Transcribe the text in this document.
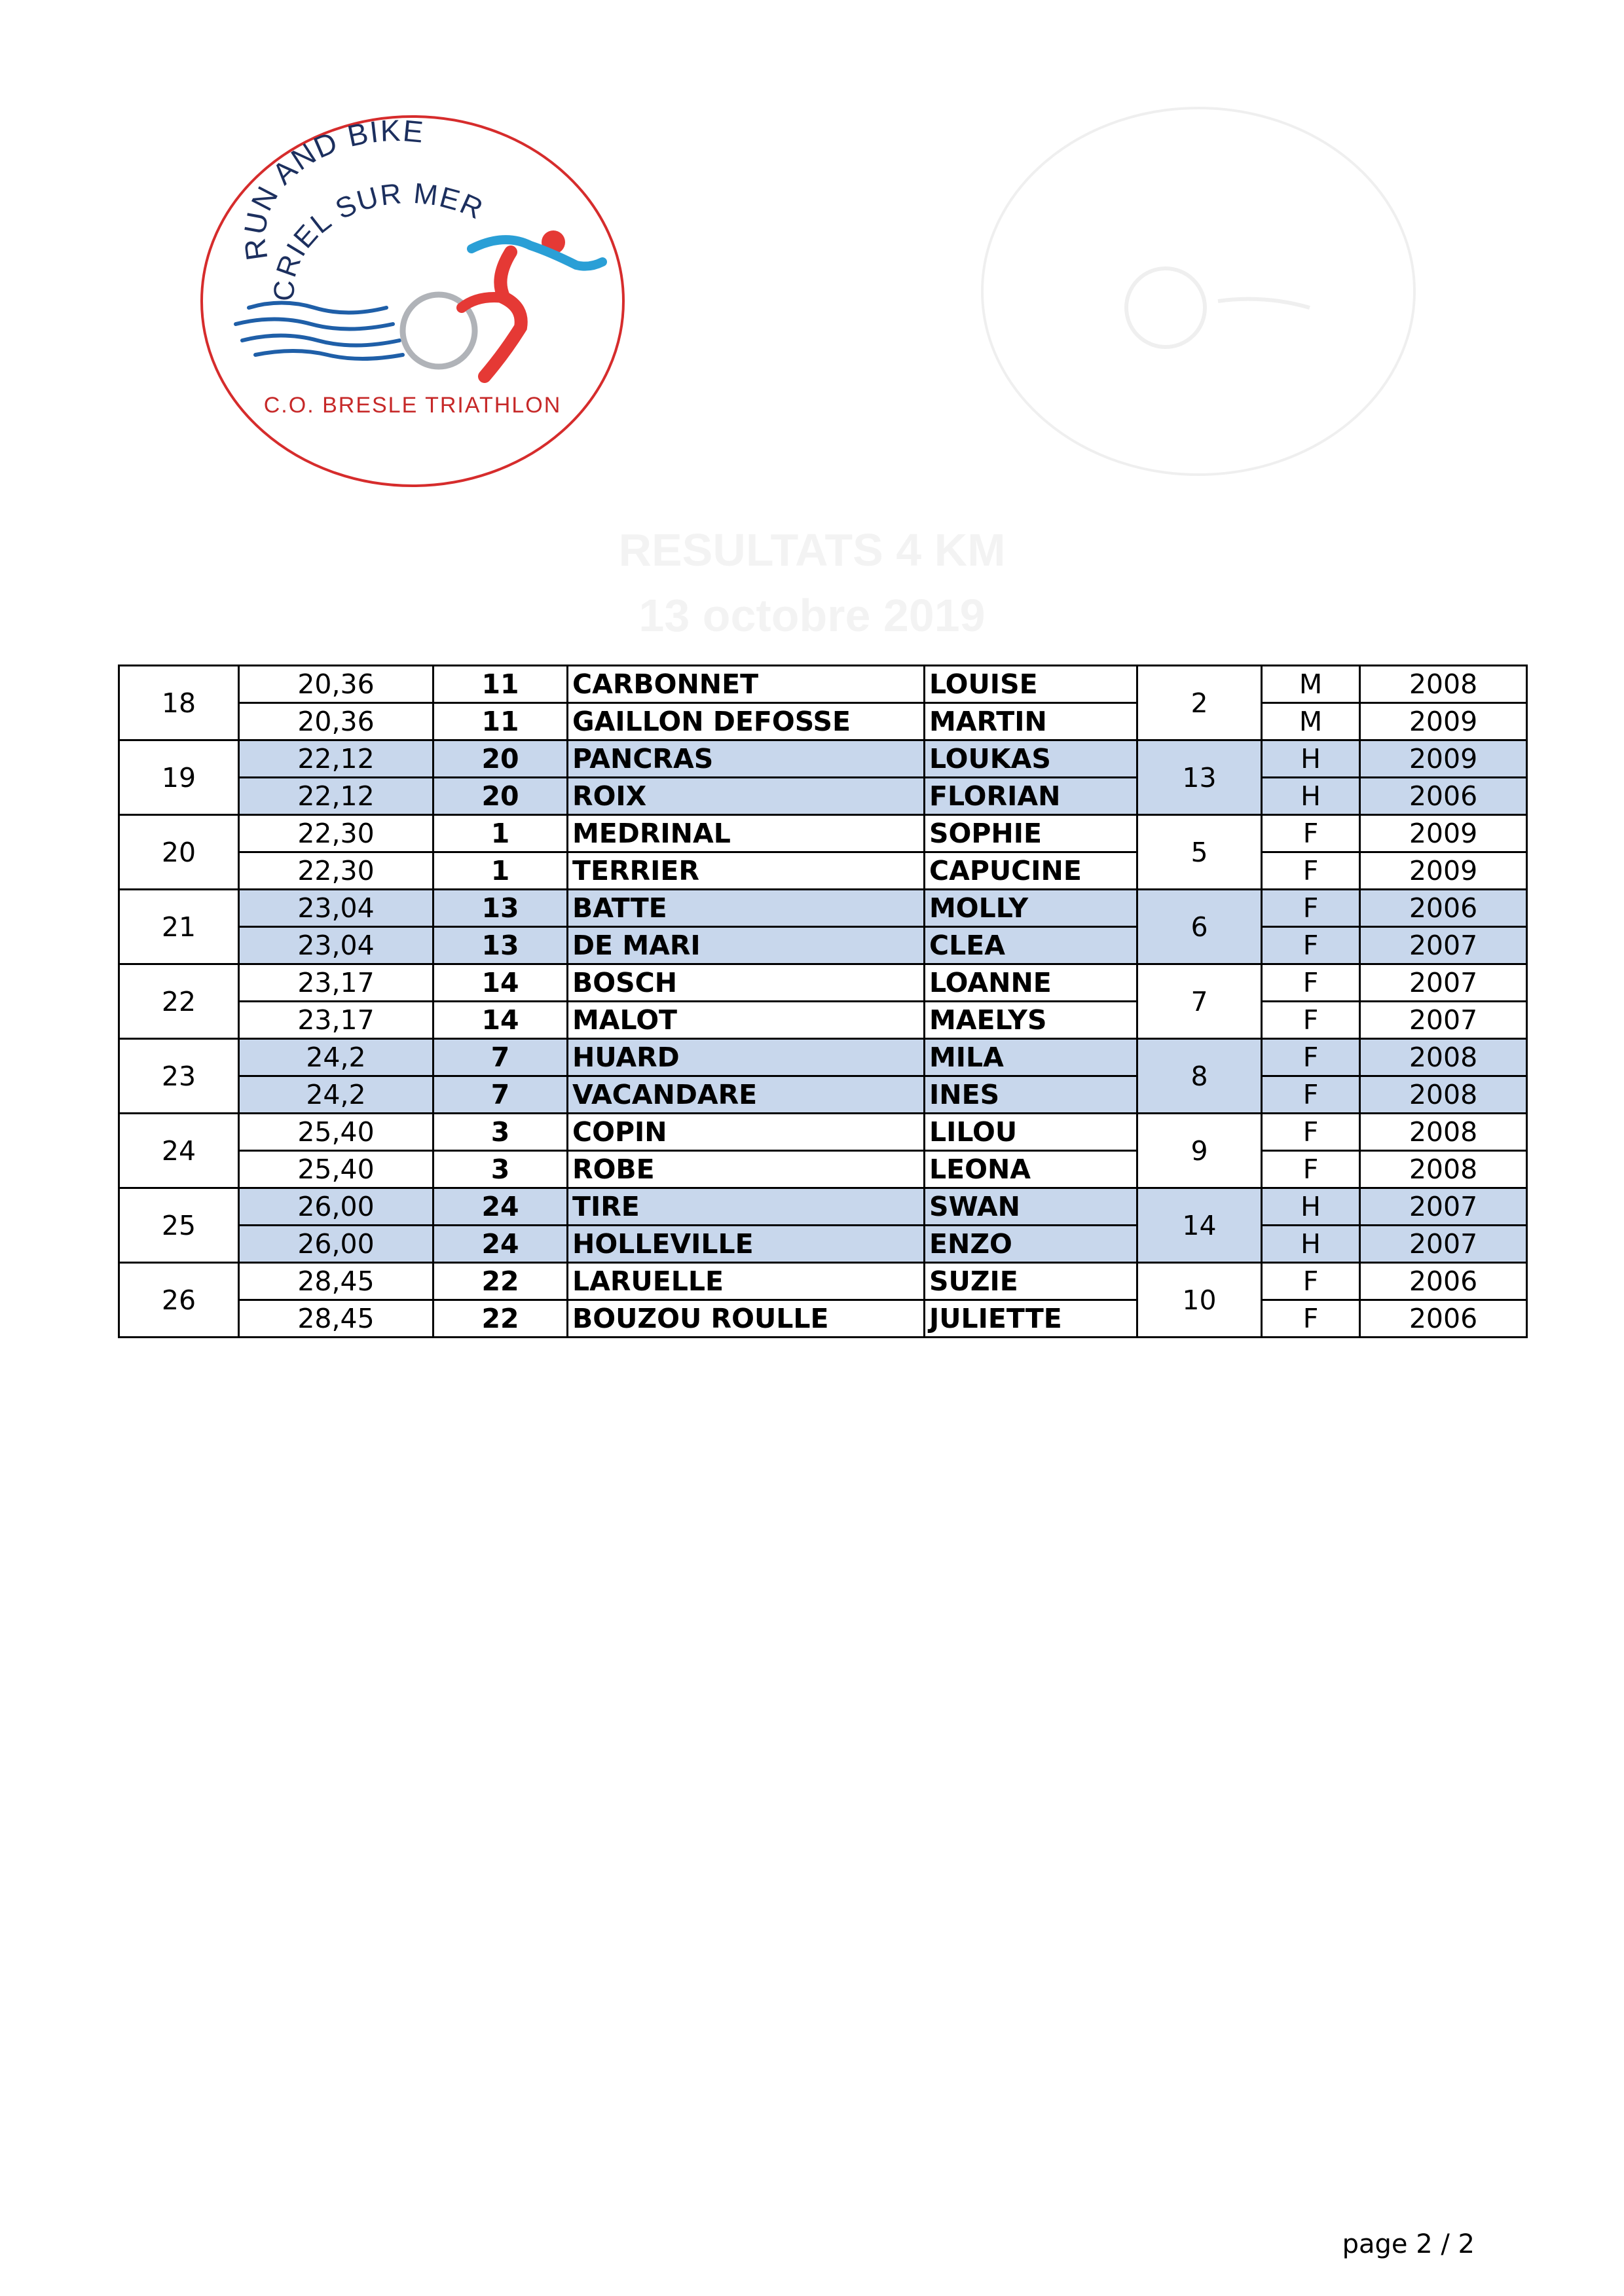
RUN AND BIKE
CRIEL SUR MER
C.O. BRESLE TRIATHLON
18	20,36	11	CARBONNET	LOUISE	2	M	2008
	20,36	11	GAILLON DEFOSSE	MARTIN		M	2009
19	22,12	20	PANCRAS	LOUKAS	13	H	2009
	22,12	20	ROIX	FLORIAN		H	2006
20	22,30	1	MEDRINAL	SOPHIE	5	F	2009
	22,30	1	TERRIER	CAPUCINE		F	2009
21	23,04	13	BATTE	MOLLY	6	F	2006
	23,04	13	DE MARI	CLEA		F	2007
22	23,17	14	BOSCH	LOANNE	7	F	2007
	23,17	14	MALOT	MAELYS		F	2007
23	24,2	7	HUARD	MILA	8	F	2008
	24,2	7	VACANDARE	INES		F	2008
24	25,40	3	COPIN	LILOU	9	F	2008
	25,40	3	ROBE	LEONA		F	2008
25	26,00	24	TIRE	SWAN	14	H	2007
	26,00	24	HOLLEVILLE	ENZO		H	2007
26	28,45	22	LARUELLE	SUZIE	10	F	2006
	28,45	22	BOUZOU ROULLE	JULIETTE		F	2006
page 2 / 2
